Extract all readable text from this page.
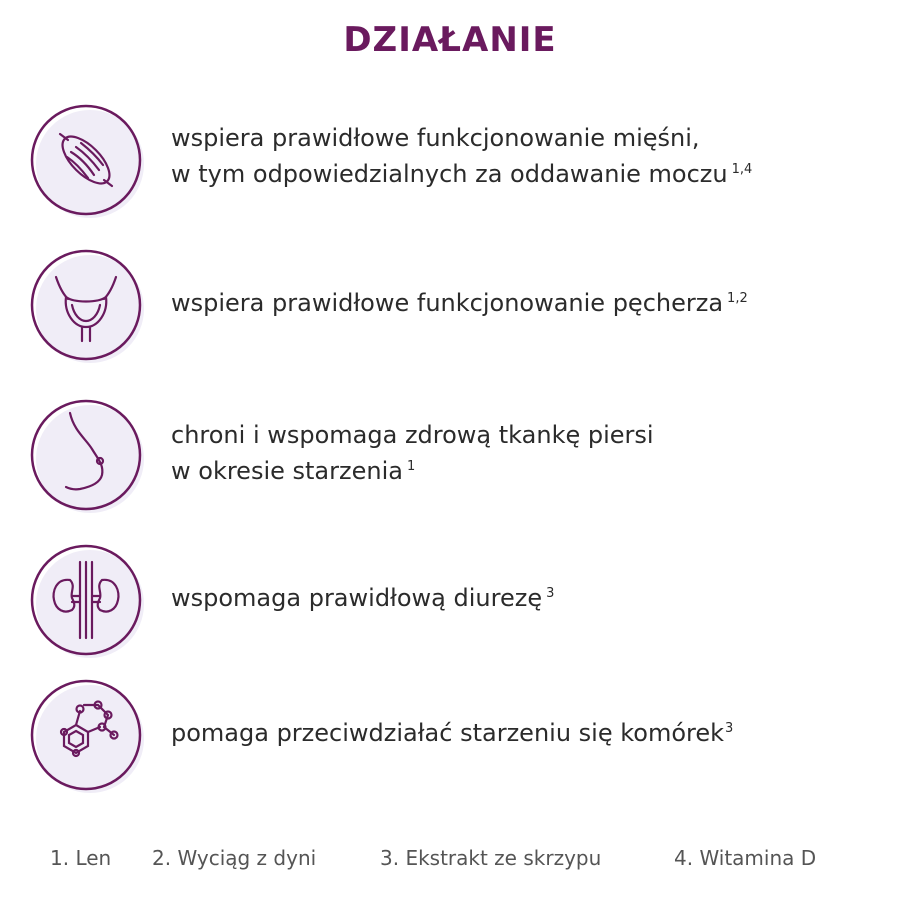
DZIAŁANIE
wspiera prawidłowe funkcjonowanie mięśni,
w tym odpowiedzialnych za oddawanie moczu $^{1,4}$
wspiera prawidłowe funkcjonowanie pęcherza $^{1,2}$
chroni i wspomaga zdrową tkankę piersi
w okresie starzenia $^1$
wspomaga prawidłową diurezę $^3$
pomaga przeciwdziałać starzeniu się komórek$^3$
1. Len 2. Wyciąg z dyni	3. Ekstrakt ze skrzypu	4. Witamina D
